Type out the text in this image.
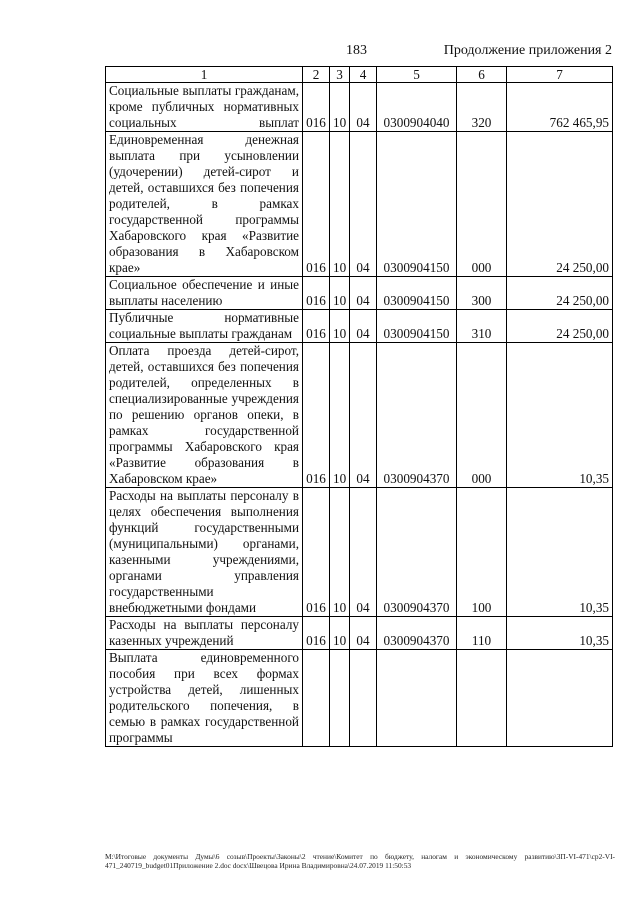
183	Продолжение приложения 2
1	2	3	4	5	6	7
Социальные выплаты гражданам, кроме публичных нормативных социальных выплат	016	10	04	0300904040	320	762 465,95
Единовременная денежная выплата при усыновлении (удочерении) детей-сирот и детей, оставшихся без попечения родителей, в рамках государственной программы Хабаровского края «Развитие образования в Хабаровском крае»	016	10	04	0300904150	000	24 250,00
Социальное обеспечение и иные выплаты населению	016	10	04	0300904150	300	24 250,00
Публичные нормативные социальные выплаты гражданам	016	10	04	0300904150	310	24 250,00
Оплата проезда детей-сирот, детей, оставшихся без попечения родителей, определенных в специализированные учреждения по решению органов опеки, в рамках государственной программы Хабаровского края «Развитие образования в Хабаровском крае»	016	10	04	0300904370	000	10,35
Расходы на выплаты персоналу в целях обеспечения выполнения функций государственными (муниципальными) органами, казенными учреждениями, органами управления государственными внебюджетными фондами	016	10	04	0300904370	100	10,35
Расходы на выплаты персоналу казенных учреждений	016	10	04	0300904370	110	10,35
Выплата единовременного пособия при всех формах устройства детей, лишенных родительского попечения, в семью в рамках государственной программы						
M:\Итоговые документы Думы\6 созыв\Проекты\Законы\2 чтение\Комитет по бюджету, налогам и экономическому развитию\ЗП-VI-471\ср2-VI-471_240719_budget01Приложение 2.doc docx\Швецова Ирина Владимировна\24.07.2019 11:50:53
